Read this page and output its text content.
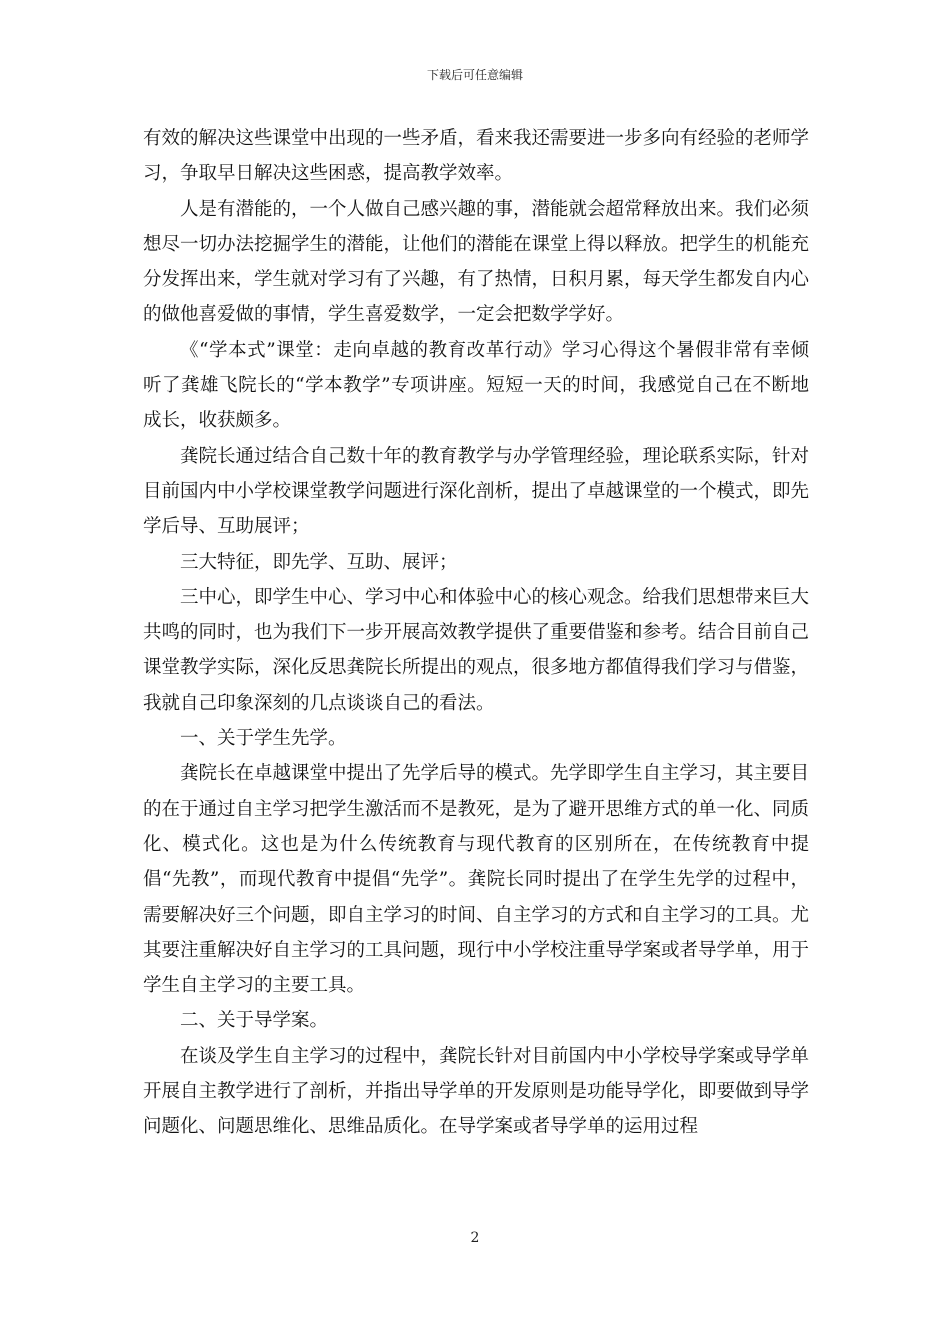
下载后可任意编辑

有效的解决这些课堂中出现的一些矛盾，看来我还需要进一步多向有经验的老师学习，争取早日解决这些困惑，提高教学效率。

人是有潜能的，一个人做自己感兴趣的事，潜能就会超常释放出来。我们必须想尽一切办法挖掘学生的潜能，让他们的潜能在课堂上得以释放。把学生的机能充分发挥出来，学生就对学习有了兴趣，有了热情，日积月累，每天学生都发自内心的做他喜爱做的事情，学生喜爱数学，一定会把数学学好。

《“学本式”课堂：走向卓越的教育改革行动》学习心得这个暑假非常有幸倾听了龚雄飞院长的“学本教学”专项讲座。短短一天的时间，我感觉自己在不断地成长，收获颇多。

龚院长通过结合自己数十年的教育教学与办学管理经验，理论联系实际，针对目前国内中小学校课堂教学问题进行深化剖析，提出了卓越课堂的一个模式，即先学后导、互助展评；

三大特征，即先学、互助、展评；

三中心，即学生中心、学习中心和体验中心的核心观念。给我们思想带来巨大共鸣的同时，也为我们下一步开展高效教学提供了重要借鉴和参考。结合目前自己课堂教学实际，深化反思龚院长所提出的观点，很多地方都值得我们学习与借鉴，我就自己印象深刻的几点谈谈自己的看法。

一、关于学生先学。

龚院长在卓越课堂中提出了先学后导的模式。先学即学生自主学习，其主要目的在于通过自主学习把学生激活而不是教死，是为了避开思维方式的单一化、同质化、模式化。这也是为什么传统教育与现代教育的区别所在，在传统教育中提倡“先教”，而现代教育中提倡“先学”。龚院长同时提出了在学生先学的过程中，需要解决好三个问题，即自主学习的时间、自主学习的方式和自主学习的工具。尤其要注重解决好自主学习的工具问题，现行中小学校注重导学案或者导学单，用于学生自主学习的主要工具。

二、关于导学案。

在谈及学生自主学习的过程中，龚院长针对目前国内中小学校导学案或导学单开展自主教学进行了剖析，并指出导学单的开发原则是功能导学化，即要做到导学问题化、问题思维化、思维品质化。在导学案或者导学单的运用过程

2
